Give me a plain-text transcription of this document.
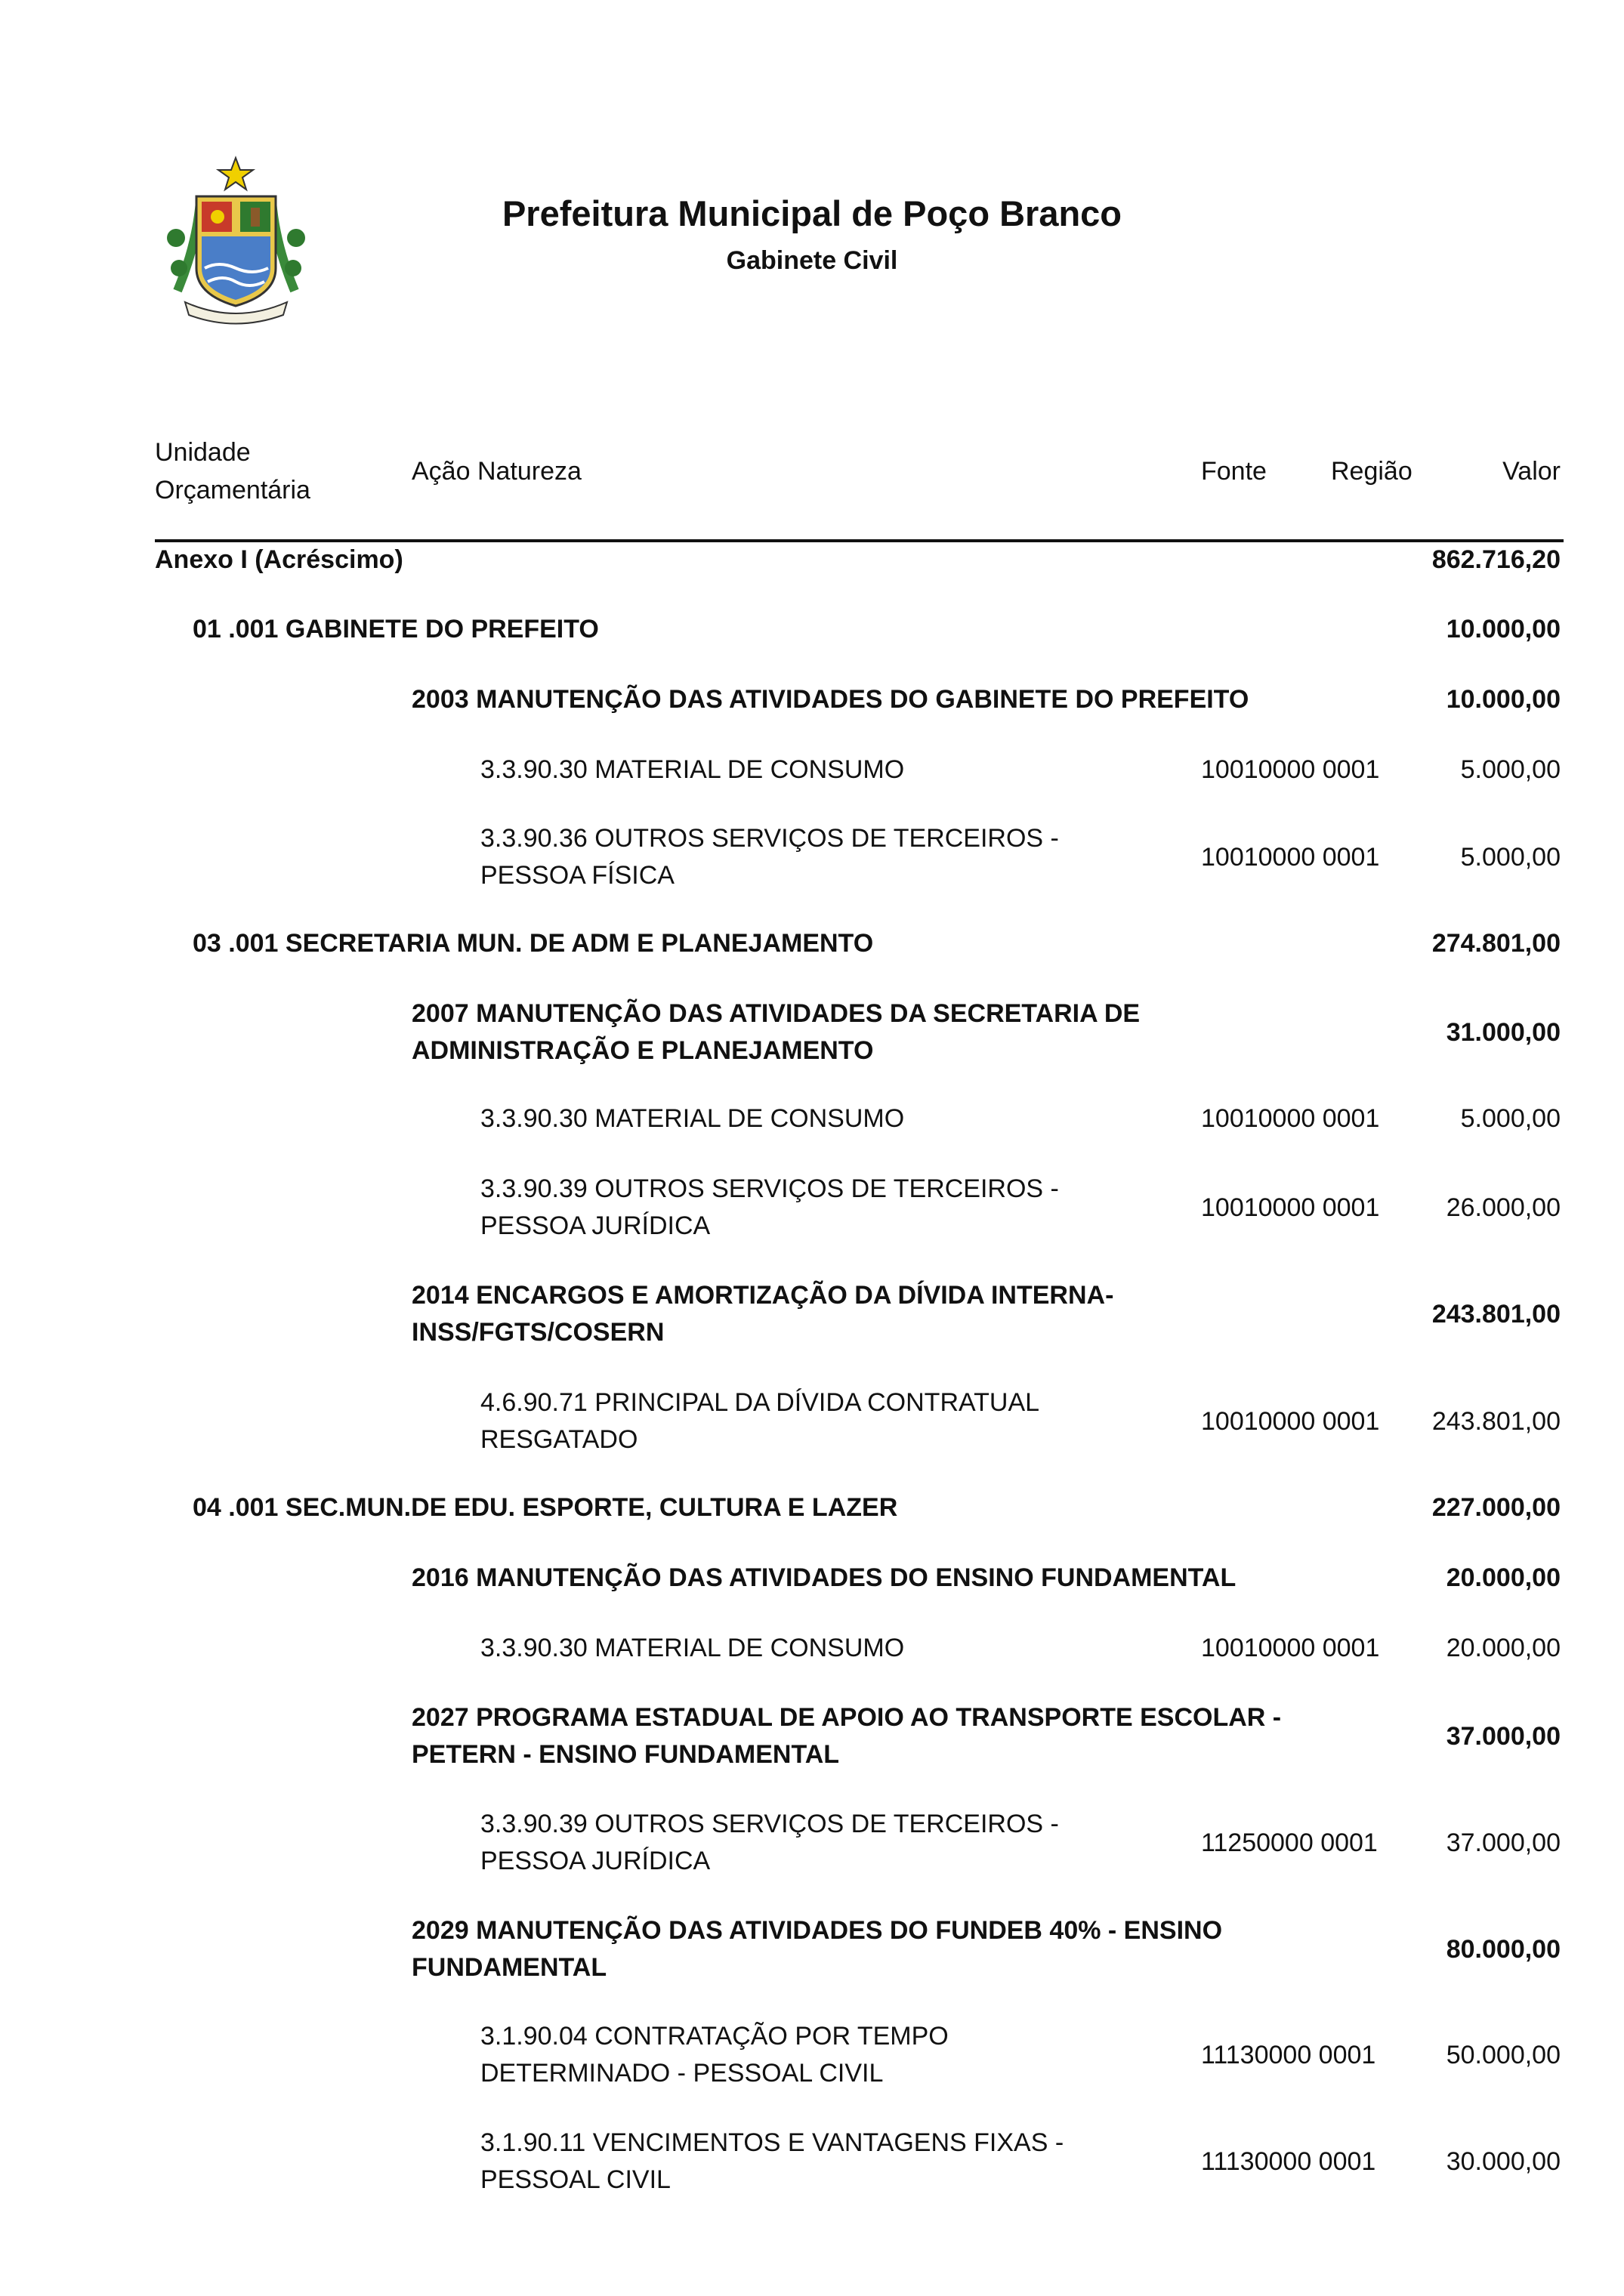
Prefeitura Municipal de Poço Branco
Gabinete Civil
Unidade
Orçamentária
Ação Natureza	Fonte	Região	Valor
Anexo I (Acréscimo)	862.716,20
01 .001 GABINETE DO PREFEITO	10.000,00
2003 MANUTENÇÃO DAS ATIVIDADES DO GABINETE DO PREFEITO	10.000,00
3.3.90.30 MATERIAL DE CONSUMO	10010000 0001	5.000,00
3.3.90.36 OUTROS SERVIÇOS DE TERCEIROS -
PESSOA FÍSICA
10010000 0001	5.000,00
03 .001 SECRETARIA MUN. DE ADM E PLANEJAMENTO	274.801,00
2007 MANUTENÇÃO DAS ATIVIDADES DA SECRETARIA DE
ADMINISTRAÇÃO E PLANEJAMENTO
31.000,00
3.3.90.30 MATERIAL DE CONSUMO	10010000 0001	5.000,00
3.3.90.39 OUTROS SERVIÇOS DE TERCEIROS -
PESSOA JURÍDICA
10010000 0001	26.000,00
2014 ENCARGOS E AMORTIZAÇÃO DA DÍVIDA INTERNA-
INSS/FGTS/COSERN
243.801,00
4.6.90.71 PRINCIPAL DA DÍVIDA CONTRATUAL
RESGATADO
10010000 0001 243.801,00
04 .001 SEC.MUN.DE EDU. ESPORTE, CULTURA E LAZER	227.000,00
2016 MANUTENÇÃO DAS ATIVIDADES DO ENSINO FUNDAMENTAL	20.000,00
3.3.90.30 MATERIAL DE CONSUMO	10010000 0001	20.000,00
2027 PROGRAMA ESTADUAL DE APOIO AO TRANSPORTE ESCOLAR -
PETERN - ENSINO FUNDAMENTAL
37.000,00
3.3.90.39 OUTROS SERVIÇOS DE TERCEIROS -
PESSOA JURÍDICA
11250000 0001	37.000,00
2029 MANUTENÇÃO DAS ATIVIDADES DO FUNDEB 40% - ENSINO
FUNDAMENTAL
80.000,00
3.1.90.04 CONTRATAÇÃO POR TEMPO
DETERMINADO - PESSOAL CIVIL
11130000 0001	50.000,00
3.1.90.11 VENCIMENTOS E VANTAGENS FIXAS -
PESSOAL CIVIL
11130000 0001	30.000,00
